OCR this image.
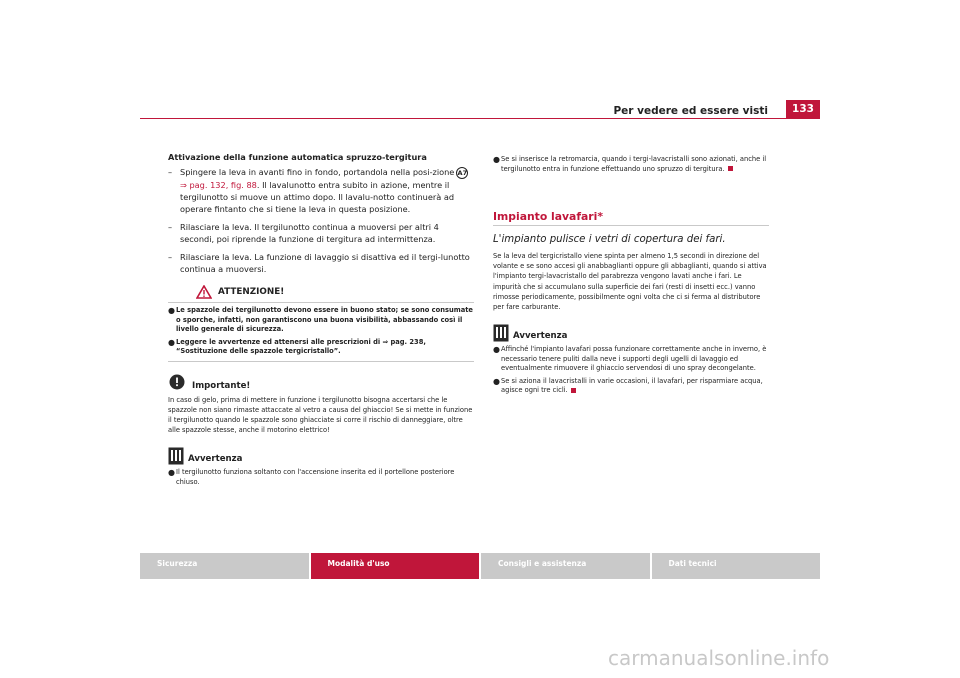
Per vedere ed essere visti	133
Attivazione della funzione automatica spruzzo-tergitura
– Spingere la leva in avanti fino in fondo, portandola nella posi-zione A7⇒ pag. 132, fig. 88. Il lavalunotto entra subito in azione, mentre il tergilunotto si muove un attimo dopo. Il lavalu-notto continuerà ad operare fintanto che si tiene la leva in questa posizione.
– Rilasciare la leva. Il tergilunotto continua a muoversi per altri 4 secondi, poi riprende la funzione di tergitura ad intermittenza.
– Rilasciare la leva. La funzione di lavaggio si disattiva ed il tergi-lunotto continua a muoversi.
ATTENZIONE!
● Le spazzole dei tergilunotto devono essere in buono stato; se sono consumate o sporche, infatti, non garantiscono una buona visibilità, abbassando così il livello generale di sicurezza.
● Leggere le avvertenze ed attenersi alle prescrizioni di ⇒ pag. 238, “Sostituzione delle spazzole tergicristallo”.
Importante!
In caso di gelo, prima di mettere in funzione i tergilunotto bisogna accertarsi che le spazzole non siano rimaste attaccate al vetro a causa del ghiaccio! Se si mette in funzione il tergilunotto quando le spazzole sono ghiacciate si corre il rischio di danneggiare, oltre alle spazzole stesse, anche il motorino elettrico!
Avvertenza
● Il tergilunotto funziona soltanto con l'accensione inserita ed il portellone posteriore chiuso.
● Se si inserisce la retromarcia, quando i tergi-lavacristalli sono azionati, anche il tergilunotto entra in funzione effettuando uno spruzzo di tergitura.
Impianto lavafari*
L'impianto pulisce i vetri di copertura dei fari.
Se la leva del tergicristallo viene spinta per almeno 1,5 secondi in direzione del volante e se sono accesi gli anabbaglianti oppure gli abbaglianti, quando si attiva l'impianto tergi-lavacristallo del parabrezza vengono lavati anche i fari. Le impurità che si accumulano sulla superficie dei fari (resti di insetti ecc.) vanno rimosse periodicamente, possibilmente ogni volta che ci si ferma al distributore per fare carburante.
Avvertenza
● Affinché l'impianto lavafari possa funzionare correttamente anche in inverno, è necessario tenere puliti dalla neve i supporti degli ugelli di lavaggio ed eventualmente rimuovere il ghiaccio servendosi di uno spray decongelante.
● Se si aziona il lavacristalli in varie occasioni, il lavafari, per risparmiare acqua, agisce ogni tre cicli.
Sicurezza	Modalità d'uso	Consigli e assistenza	Dati tecnici
carmanualsonline.info
